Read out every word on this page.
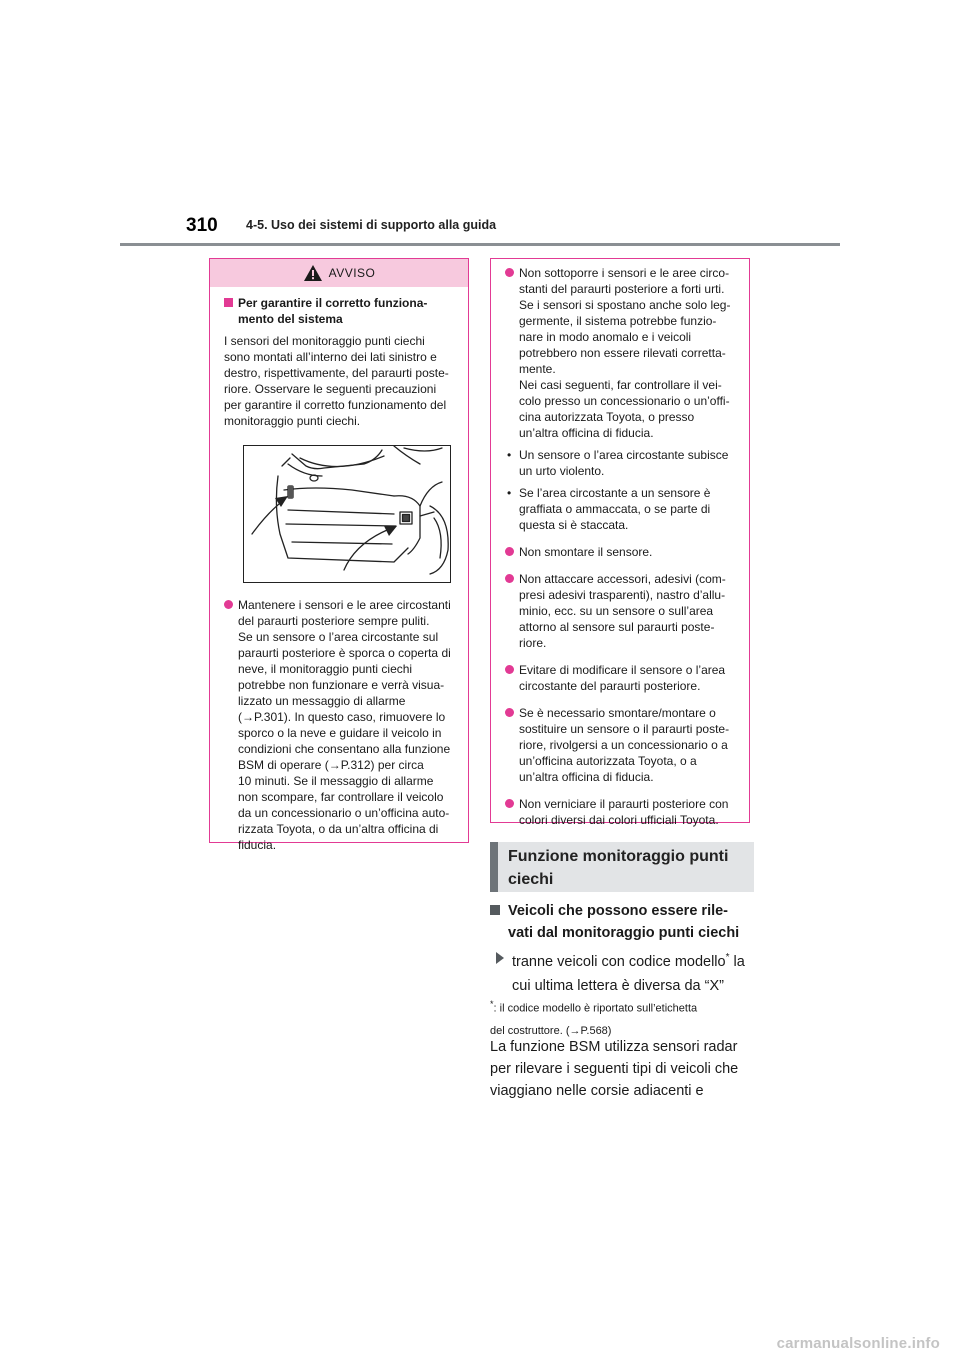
310 4-5. Uso dei sistemi di supporto alla guida
AVVISO
Per garantire il corretto funziona-
mento del sistema

I sensori del monitoraggio punti ciechi
sono montati all’interno dei lati sinistro e
destro, rispettivamente, del paraurti poste-
riore. Osservare le seguenti precauzioni
per garantire il corretto funzionamento del
monitoraggio punti ciechi.

Mantenere i sensori e le aree circostanti
del paraurti posteriore sempre puliti.
Se un sensore o l’area circostante sul
paraurti posteriore è sporca o coperta di
neve, il monitoraggio punti ciechi
potrebbe non funzionare e verrà visua-
lizzato un messaggio di allarme
(→P.301). In questo caso, rimuovere lo
sporco o la neve e guidare il veicolo in
condizioni che consentano alla funzione
BSM di operare (→P.312) per circa
10 minuti. Se il messaggio di allarme
non scompare, far controllare il veicolo
da un concessionario o un’officina auto-
rizzata Toyota, o da un’altra officina di
fiducia.
Non sottoporre i sensori e le aree circo-
stanti del paraurti posteriore a forti urti.
Se i sensori si spostano anche solo leg-
germente, il sistema potrebbe funzio-
nare in modo anomalo e i veicoli
potrebbero non essere rilevati corretta-
mente.
Nei casi seguenti, far controllare il vei-
colo presso un concessionario o un’offi-
cina autorizzata Toyota, o presso
un’altra officina di fiducia.
• Un sensore o l’area circostante subisce
un urto violento.
• Se l’area circostante a un sensore è
graffiata o ammaccata, o se parte di
questa si è staccata.
Non smontare il sensore.
Non attaccare accessori, adesivi (com-
presi adesivi trasparenti), nastro d’allu-
minio, ecc. su un sensore o sull’area
attorno al sensore sul paraurti poste-
riore.
Evitare di modificare il sensore o l’area
circostante del paraurti posteriore.
Se è necessario smontare/montare o
sostituire un sensore o il paraurti poste-
riore, rivolgersi a un concessionario o a
un’officina autorizzata Toyota, o a
un’altra officina di fiducia.
Non verniciare il paraurti posteriore con
colori diversi dai colori ufficiali Toyota.
Funzione monitoraggio punti
ciechi
Veicoli che possono essere rile-
vati dal monitoraggio punti ciechi
tranne veicoli con codice modello* la
cui ultima lettera è diversa da “X”
*: il codice modello è riportato sull’etichetta
del costruttore. (→P.568)
La funzione BSM utilizza sensori radar
per rilevare i seguenti tipi di veicoli che
viaggiano nelle corsie adiacenti e
carmanualsonline.info
